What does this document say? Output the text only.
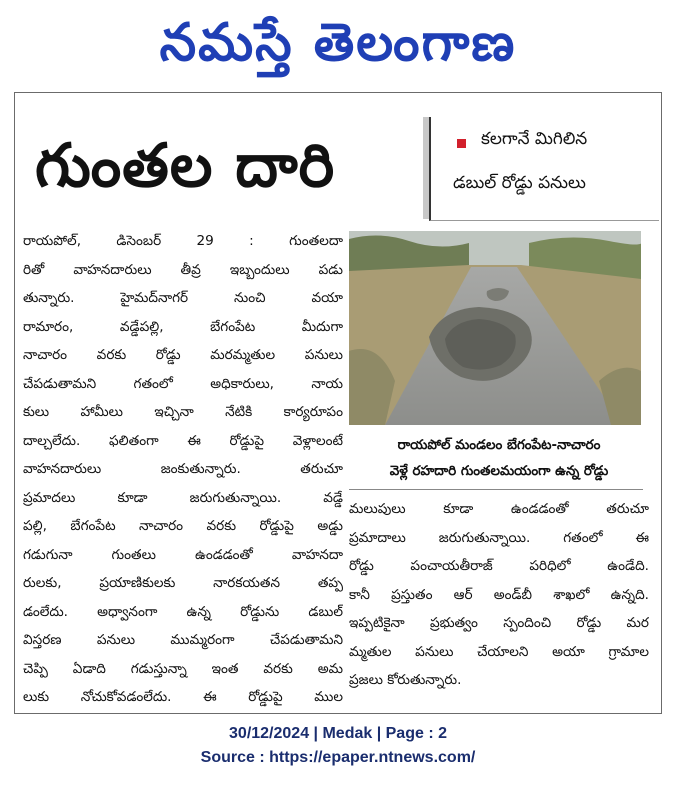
నమస్తే తెలంగాణ
గుంతల దారి	కలగానే మిగిలిన
డబుల్ రోడ్డు పనులు

రాయపోల్, డిసెంబర్ 29 : గుంతలదా

రితో వాహనదారులు తీవ్ర ఇబ్బందులు పడు

తున్నారు. హైమద్‌నాగర్ నుంచి వయా

రామారం, వడ్డేపల్లి, బేగంపేట మీదుగా

నాచారం వరకు రోడ్డు మరమ్మతుల పనులు

చేపడుతామని గతంలో అధికారులు, నాయ

కులు హామీలు ఇచ్చినా నేటికి కార్యరూపం

దాల్చలేదు. ఫలితంగా ఈ రోడ్డుపై వెళ్లాలంటే

వాహనదారులు జంకుతున్నారు. తరుచూ

ప్రమాదలు కూడా జరుగుతున్నాయి. వడ్డే

పల్లి, బేగంపేట నాచారం వరకు రోడ్డుపై అడ్డు

గడుగునా గుంతలు ఉండడంతో వాహనదా

రులకు, ప్రయాణికులకు నారకయతన తప్ప

డంలేదు. అధ్వానంగా ఉన్న రోడ్డును డబుల్

విస్తరణ పనులు ముమ్మరంగా చేపడుతామని

చెప్పి ఏడాది గడుస్తున్నా ఇంత వరకు అమ

లుకు నోచుకోవడంలేదు. ఈ రోడ్డుపై ముల

రాయపోల్ మండలం బేగంపేట-నాచారం
వెళ్లే రహదారి గుంతలమయంగా ఉన్న రోడ్డు

మలుపులు కూడా ఉండడంతో తరుచూ

ప్రమాదాలు జరుగుతున్నాయి. గతంలో ఈ

రోడ్డు పంచాయతీరాజ్ పరిధిలో ఉండేది.

కానీ ప్రస్తుతం ఆర్ అండ్‌బీ శాఖలో ఉన్నది.

ఇప్పటికైనా ప్రభుత్వం స్పందించి రోడ్డు మర

మ్మతుల పనులు చేయాలని అయా గ్రామాల

ప్రజలు కోరుతున్నారు.

30/12/2024 | Medak | Page : 2
Source : https://epaper.ntnews.com/
